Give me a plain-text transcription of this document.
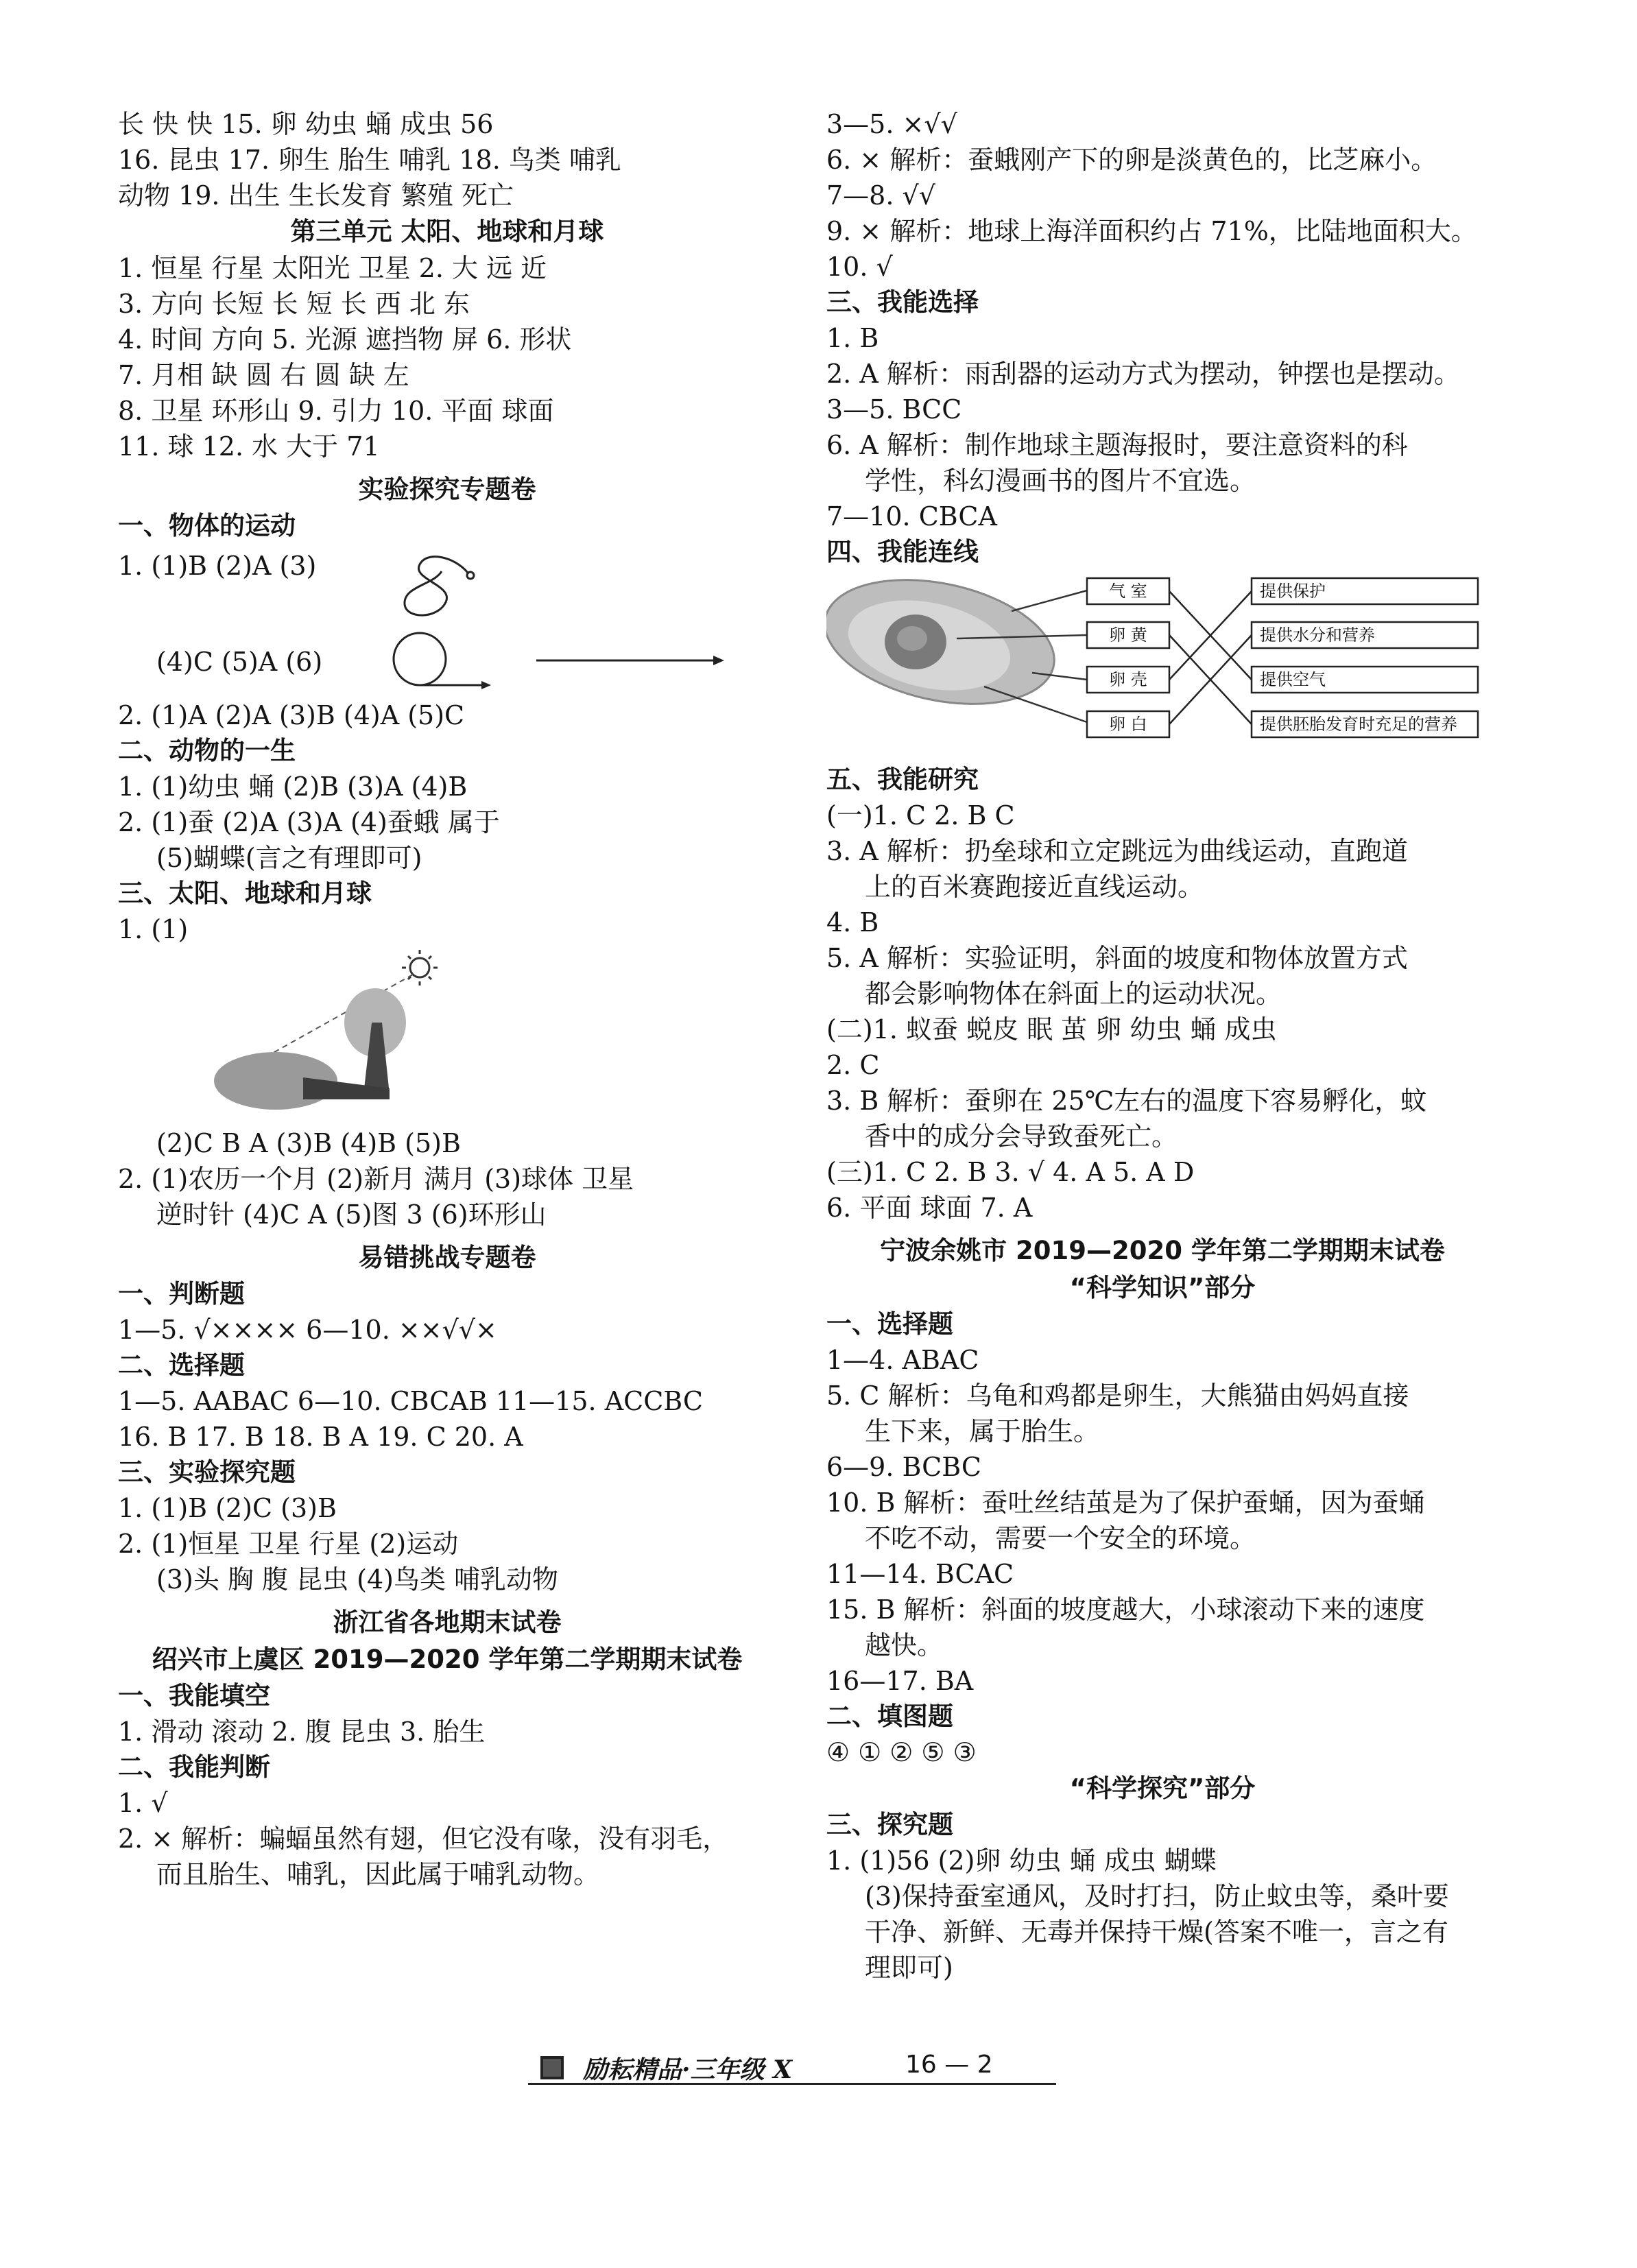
长 快 快 15. 卵 幼虫 蛹 成虫 56
16. 昆虫 17. 卵生 胎生 哺乳 18. 鸟类 哺乳
动物 19. 出生 生长发育 繁殖 死亡
第三单元 太阳、地球和月球
1. 恒星 行星 太阳光 卫星 2. 大 远 近
3. 方向 长短 长 短 长 西 北 东
4. 时间 方向 5. 光源 遮挡物 屏 6. 形状
7. 月相 缺 圆 右 圆 缺 左
8. 卫星 环形山 9. 引力 10. 平面 球面
11. 球 12. 水 大于 71
实验探究专题卷
一、物体的运动
1. (1)B (2)A (3)
(4)C (5)A (6)
2. (1)A (2)A (3)B (4)A (5)C
二、动物的一生
1. (1)幼虫 蛹 (2)B (3)A (4)B
2. (1)蚕 (2)A (3)A (4)蚕蛾 属于
(5)蝴蝶(言之有理即可)
三、太阳、地球和月球
1. (1)
(2)C B A (3)B (4)B (5)B
2. (1)农历一个月 (2)新月 满月 (3)球体 卫星
逆时针 (4)C A (5)图 3 (6)环形山
易错挑战专题卷
一、判断题
1—5. √×××× 6—10. ××√√×
二、选择题
1—5. AABAC 6—10. CBCAB 11—15. ACCBC
16. B 17. B 18. B A 19. C 20. A
三、实验探究题
1. (1)B (2)C (3)B
2. (1)恒星 卫星 行星 (2)运动
(3)头 胸 腹 昆虫 (4)鸟类 哺乳动物
浙江省各地期末试卷
绍兴市上虞区 2019—2020 学年第二学期期末试卷
一、我能填空
1. 滑动 滚动 2. 腹 昆虫 3. 胎生
二、我能判断
1. √
2. × 解析：蝙蝠虽然有翅，但它没有喙，没有羽毛，
而且胎生、哺乳，因此属于哺乳动物。
3—5. ×√√
6. × 解析：蚕蛾刚产下的卵是淡黄色的，比芝麻小。
7—8. √√
9. × 解析：地球上海洋面积约占 71%，比陆地面积大。
10. √
三、我能选择
1. B
2. A 解析：雨刮器的运动方式为摆动，钟摆也是摆动。
3—5. BCC
6. A 解析：制作地球主题海报时，要注意资料的科
学性，科幻漫画书的图片不宜选。
7—10. CBCA
四、我能连线
气 室
卵 黄
卵 壳
卵 白
提供保护
提供水分和营养
提供空气
提供胚胎发育时充足的营养
五、我能研究
(一)1. C 2. B C
3. A 解析：扔垒球和立定跳远为曲线运动，直跑道
上的百米赛跑接近直线运动。
4. B
5. A 解析：实验证明，斜面的坡度和物体放置方式
都会影响物体在斜面上的运动状况。
(二)1. 蚁蚕 蜕皮 眠 茧 卵 幼虫 蛹 成虫
2. C
3. B 解析：蚕卵在 25℃左右的温度下容易孵化，蚊
香中的成分会导致蚕死亡。
(三)1. C 2. B 3. √ 4. A 5. A D
6. 平面 球面 7. A
宁波余姚市 2019—2020 学年第二学期期末试卷
“科学知识”部分
一、选择题
1—4. ABAC
5. C 解析：乌龟和鸡都是卵生，大熊猫由妈妈直接
生下来，属于胎生。
6—9. BCBC
10. B 解析：蚕吐丝结茧是为了保护蚕蛹，因为蚕蛹
不吃不动，需要一个安全的环境。
11—14. BCAC
15. B 解析：斜面的坡度越大，小球滚动下来的速度
越快。
16—17. BA
二、填图题
④ ① ② ⑤ ③
“科学探究”部分
三、探究题
1. (1)56 (2)卵 幼虫 蛹 成虫 蝴蝶
(3)保持蚕室通风，及时打扫，防止蚊虫等，桑叶要
干净、新鲜、无毒并保持干燥(答案不唯一，言之有
理即可)
励耘精品·三年级 X	16 — 2
